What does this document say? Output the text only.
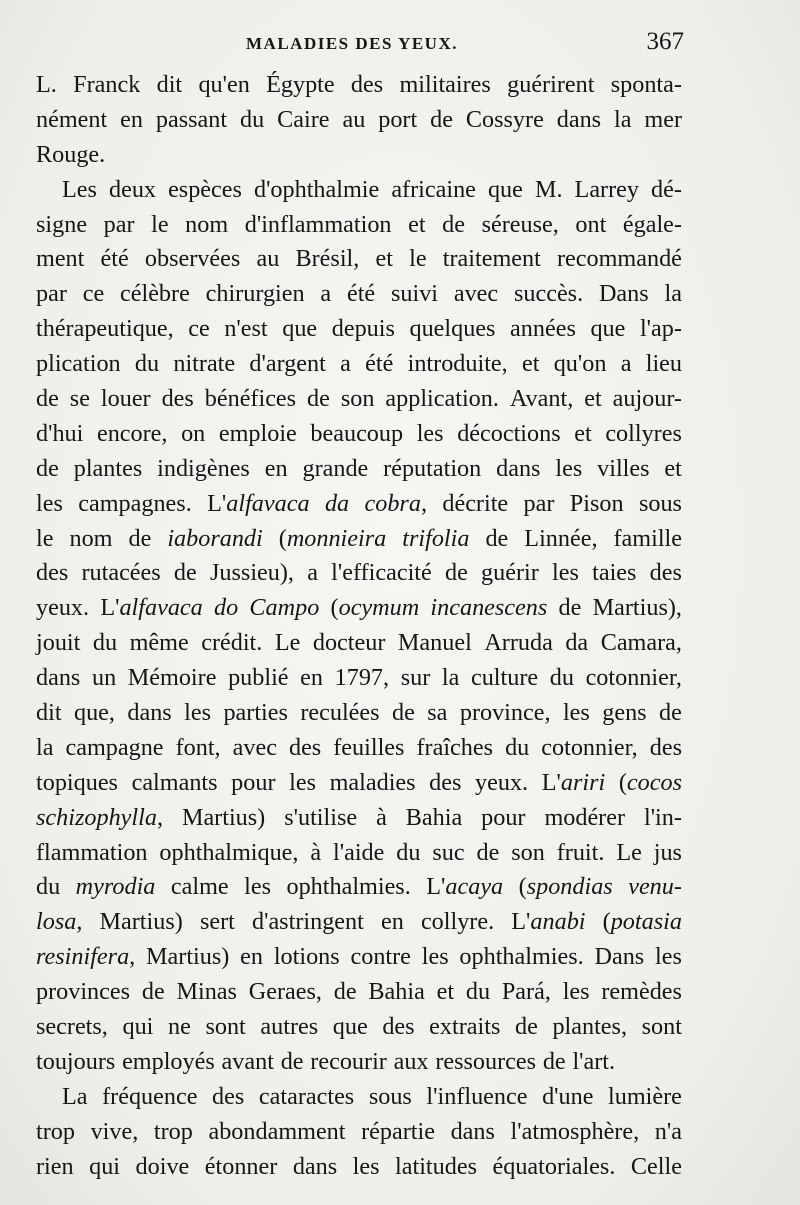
MALADIES DES YEUX.	367
L. Franck dit qu'en Égypte des militaires guérirent sponta-
nément en passant du Caire au port de Cossyre dans la mer
Rouge.
Les deux espèces d'ophthalmie africaine que M. Larrey dé-
signe par le nom d'inflammation et de séreuse, ont égale-
ment été observées au Brésil, et le traitement recommandé
par ce célèbre chirurgien a été suivi avec succès. Dans la
thérapeutique, ce n'est que depuis quelques années que l'ap-
plication du nitrate d'argent a été introduite, et qu'on a lieu
de se louer des bénéfices de son application. Avant, et aujour-
d'hui encore, on emploie beaucoup les décoctions et collyres
de plantes indigènes en grande réputation dans les villes et
les campagnes. L'alfavaca da cobra, décrite par Pison sous
le nom de iaborandi (monnieira trifolia de Linnée, famille
des rutacées de Jussieu), a l'efficacité de guérir les taies des
yeux. L'alfavaca do Campo (ocymum incanescens de Martius),
jouit du même crédit. Le docteur Manuel Arruda da Camara,
dans un Mémoire publié en 1797, sur la culture du cotonnier,
dit que, dans les parties reculées de sa province, les gens de
la campagne font, avec des feuilles fraîches du cotonnier, des
topiques calmants pour les maladies des yeux. L'ariri (cocos
schizophylla, Martius) s'utilise à Bahia pour modérer l'in-
flammation ophthalmique, à l'aide du suc de son fruit. Le jus
du myrodia calme les ophthalmies. L'acaya (spondias venu-
losa, Martius) sert d'astringent en collyre. L'anabi (potasia
resinifera, Martius) en lotions contre les ophthalmies. Dans les
provinces de Minas Geraes, de Bahia et du Pará, les remèdes
secrets, qui ne sont autres que des extraits de plantes, sont
toujours employés avant de recourir aux ressources de l'art.
La fréquence des cataractes sous l'influence d'une lumière
trop vive, trop abondamment répartie dans l'atmosphère, n'a
rien qui doive étonner dans les latitudes équatoriales. Celle
